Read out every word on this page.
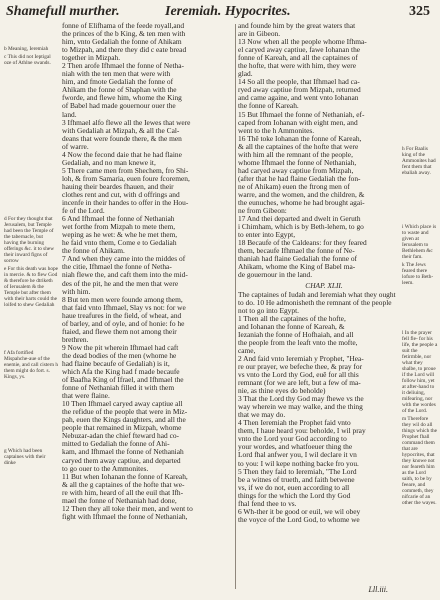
Shamefull murther.	Ieremiah. Hypocrites.	325
b Meaning, Ieremiah
c This did not Ieptigal oze of Athlne swands.
d For they thought that Jerusalem, but Temple had been the Temple of the tabernacle, but having the burning offerings &c. it to shew their inward figns of sorrow
e For this death was hope in mercie. & to flew God & therefore he dtriketh of Ierusalem & the Temple but after them with their harts could the loifed to shew Gedaliah
f Afa fortified Mispahche-aue of the enemie, and call cistern h them might do fort. s. Kings, ys.
g Which had been captaines with their dinke
h For Baalis king of the Ammonites had fent them that ebaliah away.
i Which place is to waste and given at Ierusalem to Bethlehem &c their fam.
k The Jews feared there lofure to Beth-leem.
l In the prayer fell fle- for his life, the people a suit the fetirmble, nor what they shalbe, to proue if the Lord will follow him, yet at after-hand to it deliuing, mifearing, nor with the wordes of the Lord.
m Therefore they wil do all things which the Prophet fhall command them that are hypocrites, that they knowe not nor feareth him as the Lord saith, to be by feeare, and commeth, they nifcarie of an other the wayes.
fonne of Elifhama of the feede royall,and
the princes of the b King, & ten men with
him, vnto Gedaliah the fonne of Ahikam
to Mizpah, and there they did c eate bread
together in Mizpah.
2 Then arofe Ifhmael the fonne of Netha-
niah with the ten men that were with
him, and fmote Gedaliah the fonne of
Ahikam the fonne of Shaphan with the
fworde, and flewe him, whome the King
of Babel had made gouernour ouer the
land.
3 Ifhmael alfo flewe all the Iewes that were
with Gedaliah at Mizpah, & all the Cal-
deans that were founde there, & the men
of warre.
4 Now the fecond daie that he had flaine
Gedaliah, and no man knewe it,
5 There came men from Shechem, fro Shi-
loh, & from Samaria, euen foure fcoremen,
hauing their beardes fhauen, and their
clothes rent and cut, with d offrings and
incenfe in their handes to offer in the Hou-
fe of the Lord.
6 And Ifhmael the fonne of Nethaniah
wet forthe from Mizpah to mete them,
weping as he wet: & whe he met them,
he faid vnto them, Come e to Gedaliah
the fonne of Ahikam.
7 And when they came into the middes of
the citie, Ifhmael the fonne of Netha-
niah flewe the, and caft them into the mid-
des of the pit, he and the men that were
with him.
8 But ten men were founde among them,
that faid vnto Ifhmael, Slay vs not: for we
haue treafures in the field, of wheat, and
of barley, and of oyle, and of honie: fo he
ftaied, and flewe them not among their
brethren.
9 Now the pit wherein Ifhmael had caft
the dead bodies of the men (whome he
had flaine becaufe of Gedaliah) is it,
which Afa the King had f made becaufe
of Baafha King of Ifrael, and Ifhmael the
fonne of Nethaniah filled it with them
that were flaine.
10 Then Ifhmael caryed away captiue all
the refidue of the people that were in Miz-
pah, euen the Kings daughters, and all the
people that remained in Mizpah, whome
Nebuzar-adan the chief fteward had co-
mitted to Gedaliah the fonne of Ahi-
kam, and Ifhmael the fonne of Nethaniah
caryed them away captiue, and departed
to go ouer to the Ammonites.
11 But when Iohanan the fonne of Kareah,
& all the g captaines of the hofte that we-
re with him, heard of all the euil that Ifh-
mael the fonne of Nethaniah had done,
12 Then they all toke their men, and went to
fight with Ifhmael the fonne of Nethaniah,
and founde him by the great waters that
are in Gibeon.
13 Now when all the people whome Ifhma-
el caryed away captiue, fawe Iohanan the
fonne of Kareah, and all the captaines of
the hofte, that were with him, they were
glad.
14 So all the people, that Ifhmael had ca-
ryed away captiue from Mizpah, returned
and came againe, and went vnto Iohanan
the fonne of Kareah.
15 But Ifhmael the fonne of Nethaniah, ef-
caped from Iohanan with eight men, and
went to the h Ammonites.
16 Thẽ toke Iohanan the fonne of Kareah,
& all the captaines of the hofte that were
with him all the remnant of the people,
whome Ifhmael the fonne of Nethaniah,
had caryed away captiue from Mizpah,
(after that he had flaine Gedaliah the fon-
ne of Ahikam) euen the ftrong men of
warre, and the women, and the children, &
the eunuches, whome he had brought agai-
ne from Gibeon:
17 And thei departed and dwelt in Geruth
i Chimham, which is by Beth-lehem, to go
to enter into Egypt,
18 Becaufe of the Caldeans: for they feared
them, becaufe Ifhmael the fonne of Ne-
thaniah had flaine Gedaliah the fonne of
Ahikam, whome the King of Babel ma-
de gouernour in the land.
CHAP. XLII.
The captaines of Iudah and Ieremiah what they ought
to do. 10 He admonisheth the remnant of the people
not to go into Egypt.
1 Then all the captaines of the hofte,
and Iohanan the fonne of Kareah, &
Iezaniah the fonne of Hofhaiah, and all
the people from the leaft vnto the mofte,
came,
2 And faid vnto Ieremiah y Prophet, "Hea-
re our prayer, we befeche thee, & pray for
vs vnto the Lord thy God, euē for all this
remnant (for we are left, but a few of ma-
nie, as thine eyes do beholde)
3 That the Lord thy God may fhewe vs the
way wherein we may walke, and the thing
that we may do.
4 Then Ieremiah the Prophet faid vnto
them, I haue heard you: beholde, I wil pray
vnto the Lord your God according to
your wordes, and whatfoeuer thing the
Lord fhal anfwer you, I wil declare it vn
to you: I wil kepe nothing backe fro you.
5 Then they faid to Ieremiah, "The Lord
be a witnes of trueth, and faith betwene
vs, if we do not, euen according to all
things for the which the Lord thy God
fhal fend thee to vs.
6 Wh-ther it be good or euil, we wil obey
the voyce of the Lord God, to whome we
Lll.iii.
